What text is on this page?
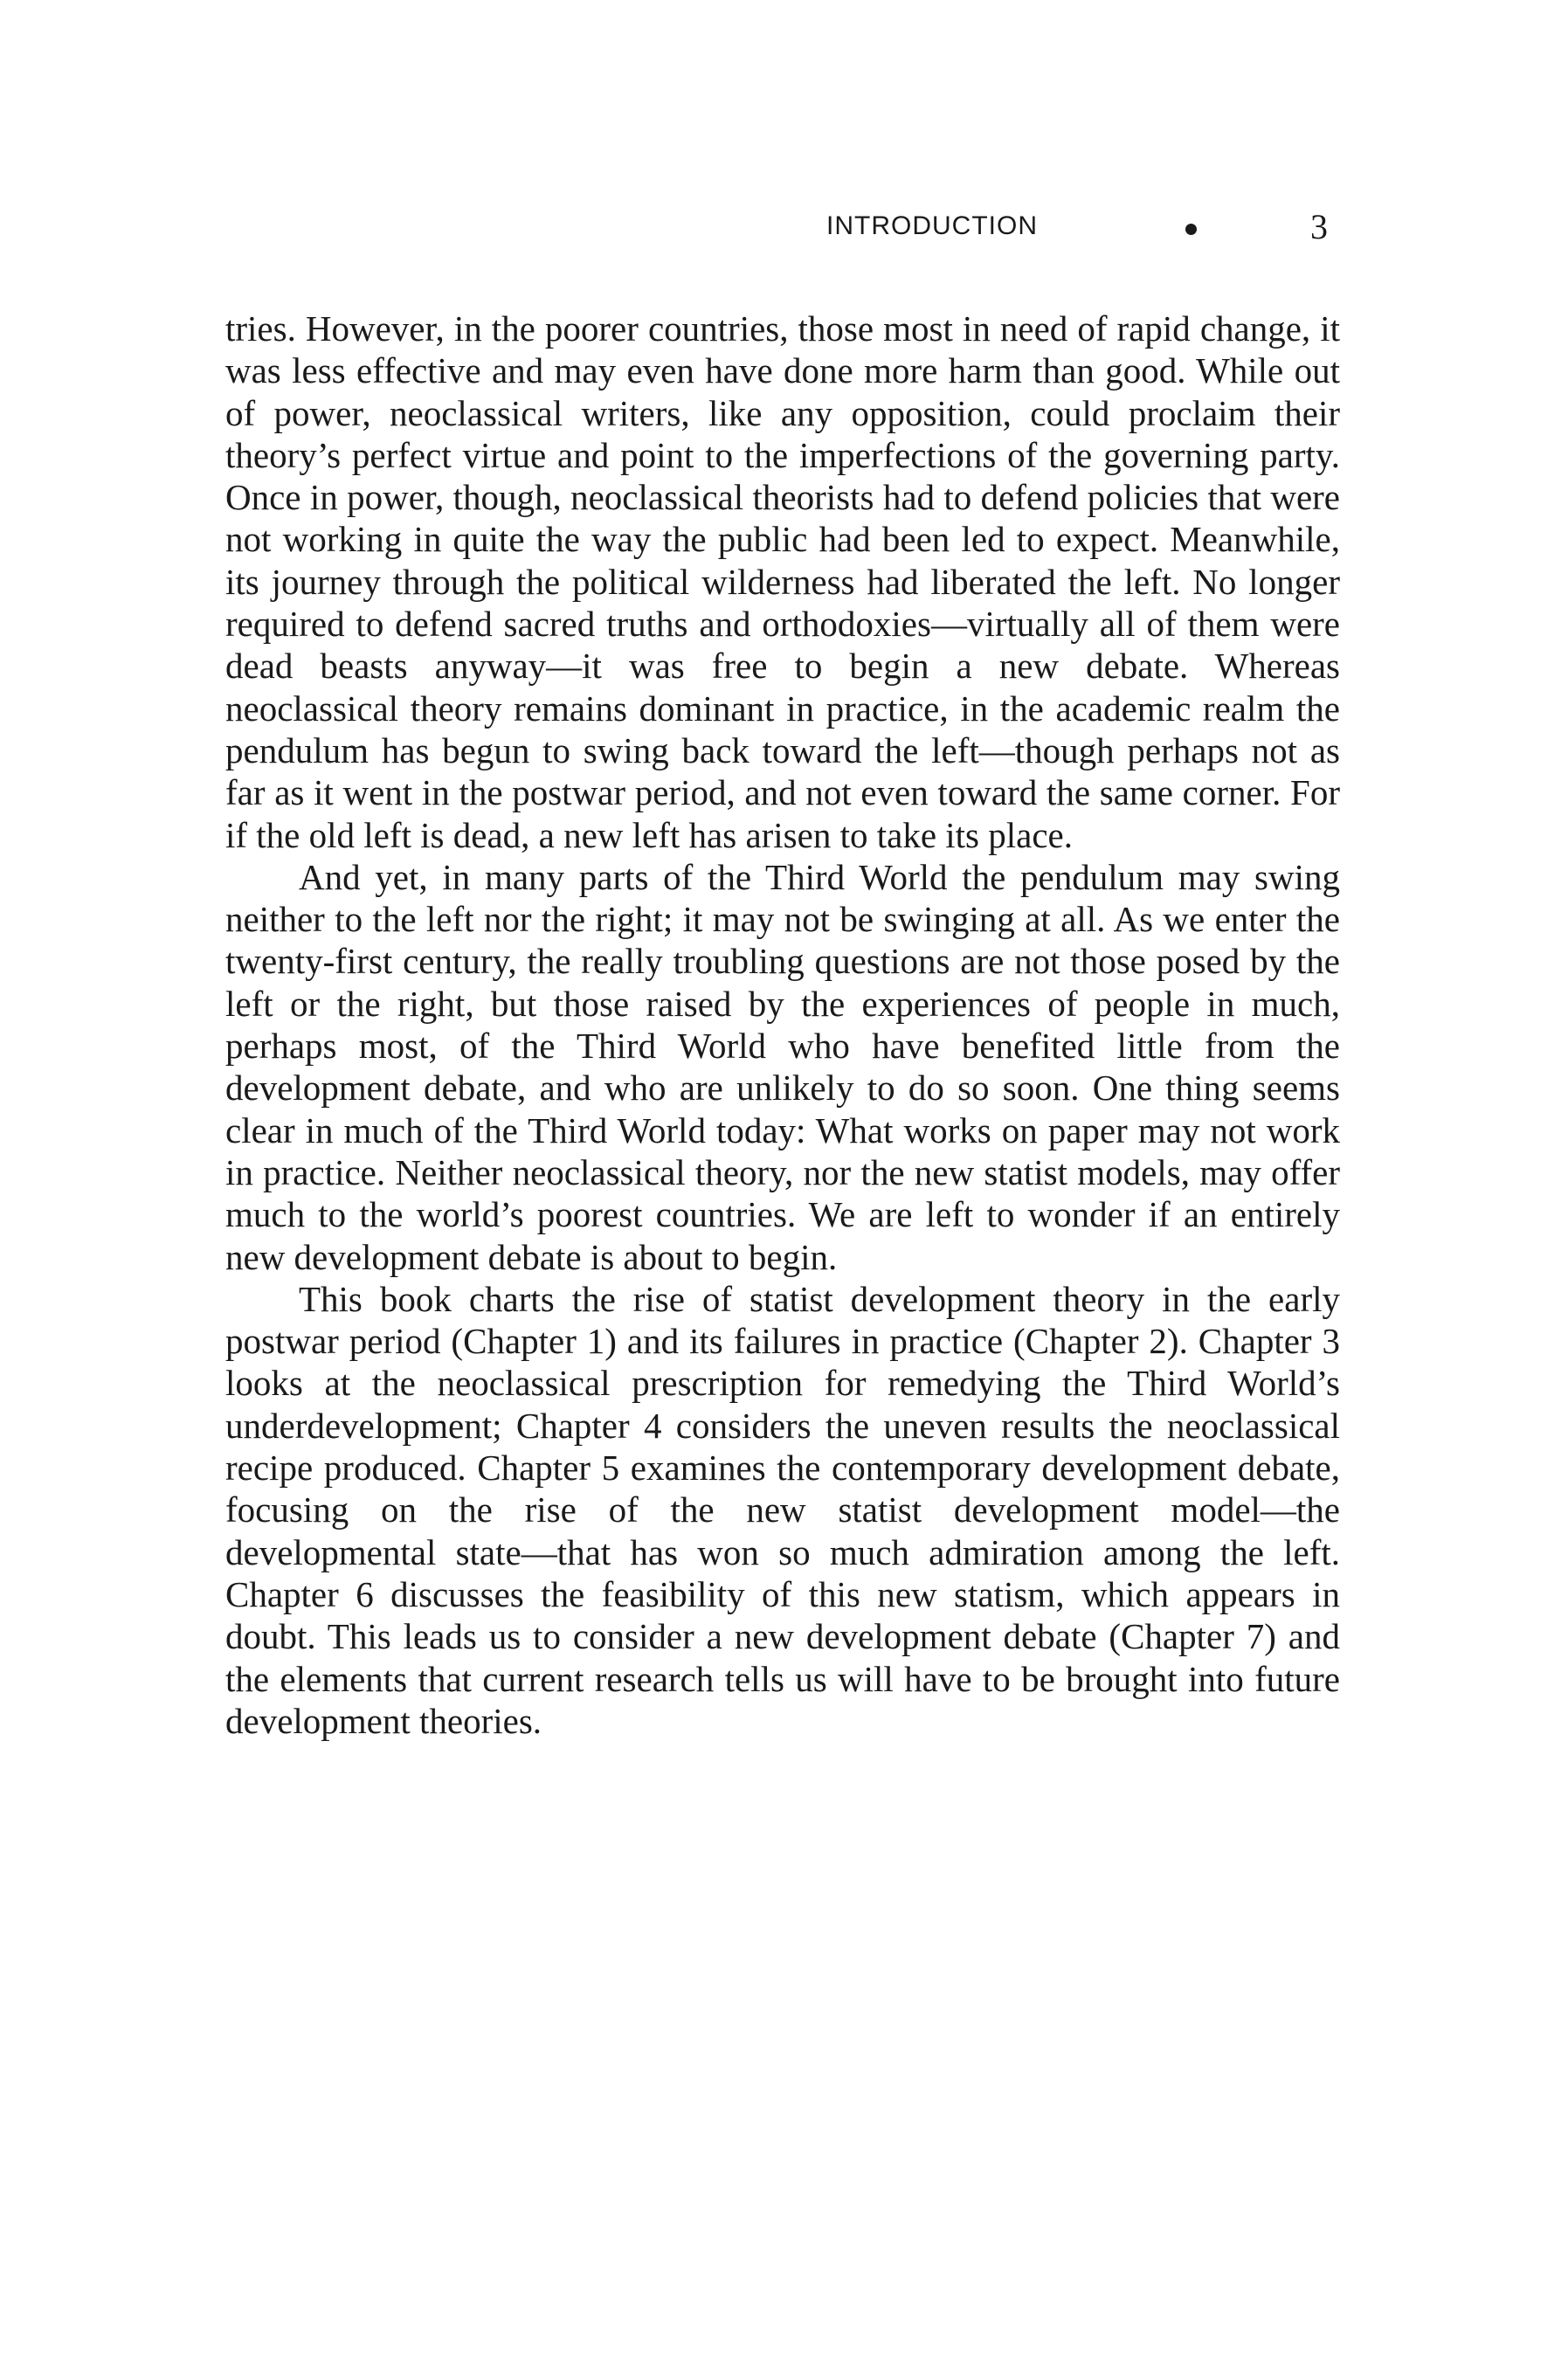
INTRODUCTION	3

tries. However, in the poorer countries, those most in need of rapid change, it was less effective and may even have done more harm than good. While out of power, neoclassical writers, like any opposition, could proclaim their theory’s perfect virtue and point to the imperfections of the governing party. Once in power, though, neoclassical theorists had to defend policies that were not working in quite the way the public had been led to expect. Meanwhile, its journey through the political wilderness had liberated the left. No longer required to defend sacred truths and orthodoxies—virtually all of them were dead beasts anyway—it was free to begin a new debate. Whereas neoclassical theory remains dominant in practice, in the academic realm the pendulum has begun to swing back toward the left—though perhaps not as far as it went in the postwar period, and not even toward the same corner. For if the old left is dead, a new left has arisen to take its place.

And yet, in many parts of the Third World the pendulum may swing neither to the left nor the right; it may not be swinging at all. As we enter the twenty-first century, the really troubling questions are not those posed by the left or the right, but those raised by the experiences of people in much, perhaps most, of the Third World who have benefited little from the development debate, and who are unlikely to do so soon. One thing seems clear in much of the Third World today: What works on paper may not work in practice. Neither neoclassical theory, nor the new statist models, may offer much to the world’s poorest countries. We are left to wonder if an entirely new development debate is about to begin.

This book charts the rise of statist development theory in the early postwar period (Chapter 1) and its failures in practice (Chapter 2). Chapter 3 looks at the neoclassical prescription for remedying the Third World’s underdevelopment; Chapter 4 considers the uneven results the neoclassical recipe produced. Chapter 5 examines the contemporary development debate, focusing on the rise of the new statist development model—the developmental state—that has won so much admiration among the left. Chapter 6 discusses the feasibility of this new statism, which appears in doubt. This leads us to consider a new development debate (Chapter 7) and the elements that current research tells us will have to be brought into future development theories.
